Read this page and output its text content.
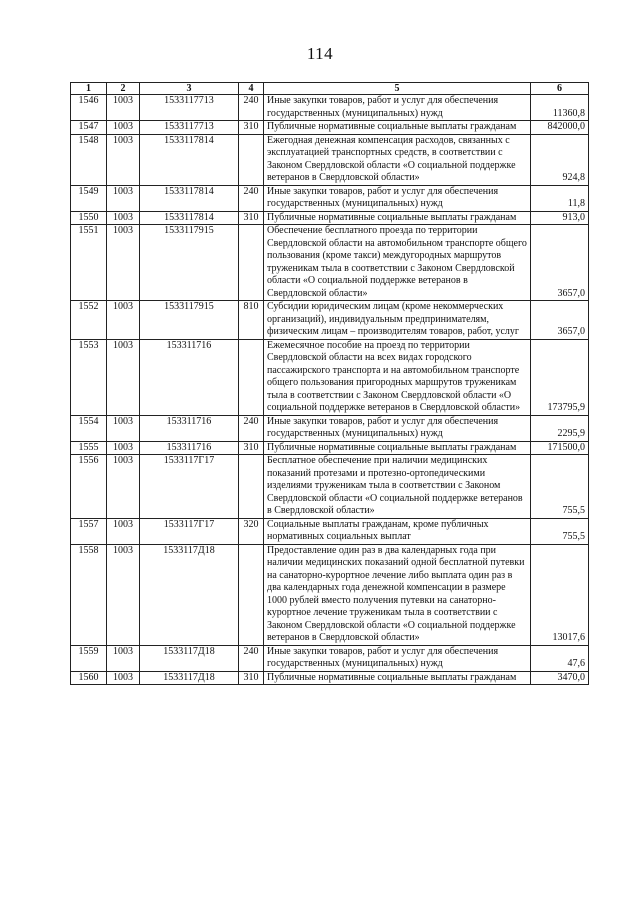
114
1	2	3	4	5	6
1546	1003	1533117713	240	Иные закупки товаров, работ и услуг для обеспечения государственных (муниципальных) нужд	11360,8
1547	1003	1533117713	310	Публичные нормативные социальные выплаты гражданам	842000,0
1548	1003	1533117814		Ежегодная денежная компенсация расходов, связанных с эксплуатацией транспортных средств, в соответствии с Законом Свердловской области «О социальной поддержке ветеранов в Свердловской области»	924,8
1549	1003	1533117814	240	Иные закупки товаров, работ и услуг для обеспечения государственных (муниципальных) нужд	11,8
1550	1003	1533117814	310	Публичные нормативные социальные выплаты гражданам	913,0
1551	1003	1533117915		Обеспечение бесплатного проезда по территории Свердловской области на автомобильном транспорте общего пользования (кроме такси) междугородных маршрутов труженикам тыла в соответствии с Законом Свердловской области «О социальной поддержке ветеранов в Свердловской области»	3657,0
1552	1003	1533117915	810	Субсидии юридическим лицам (кроме некоммерческих организаций), индивидуальным предпринимателям, физическим лицам – производителям товаров, работ, услуг	3657,0
1553	1003	153311716		Ежемесячное пособие на проезд по территории Свердловской области на всех видах городского пассажирского транспорта и на автомобильном транспорте общего пользования пригородных маршрутов труженикам тыла в соответствии с Законом Свердловской области «О социальной поддержке ветеранов в Свердловской области»	173795,9
1554	1003	153311716	240	Иные закупки товаров, работ и услуг для обеспечения государственных (муниципальных) нужд	2295,9
1555	1003	153311716	310	Публичные нормативные социальные выплаты гражданам	171500,0
1556	1003	1533117Г17		Бесплатное обеспечение при наличии медицинских показаний протезами и протезно-ортопедическими изделиями труженикам тыла в соответствии с Законом Свердловской области «О социальной поддержке ветеранов в Свердловской области»	755,5
1557	1003	1533117Г17	320	Социальные выплаты гражданам, кроме публичных нормативных социальных выплат	755,5
1558	1003	1533117Д18		Предоставление один раз в два календарных года при наличии медицинских показаний одной бесплатной путевки на санаторно-курортное лечение либо выплата один раз в два календарных года денежной компенсации в размере 1000 рублей вместо получения путевки на санаторно-курортное лечение труженикам тыла в соответствии с Законом Свердловской области «О социальной поддержке ветеранов в Свердловской области»	13017,6
1559	1003	1533117Д18	240	Иные закупки товаров, работ и услуг для обеспечения государственных (муниципальных) нужд	47,6
1560	1003	1533117Д18	310	Публичные нормативные социальные выплаты гражданам	3470,0
